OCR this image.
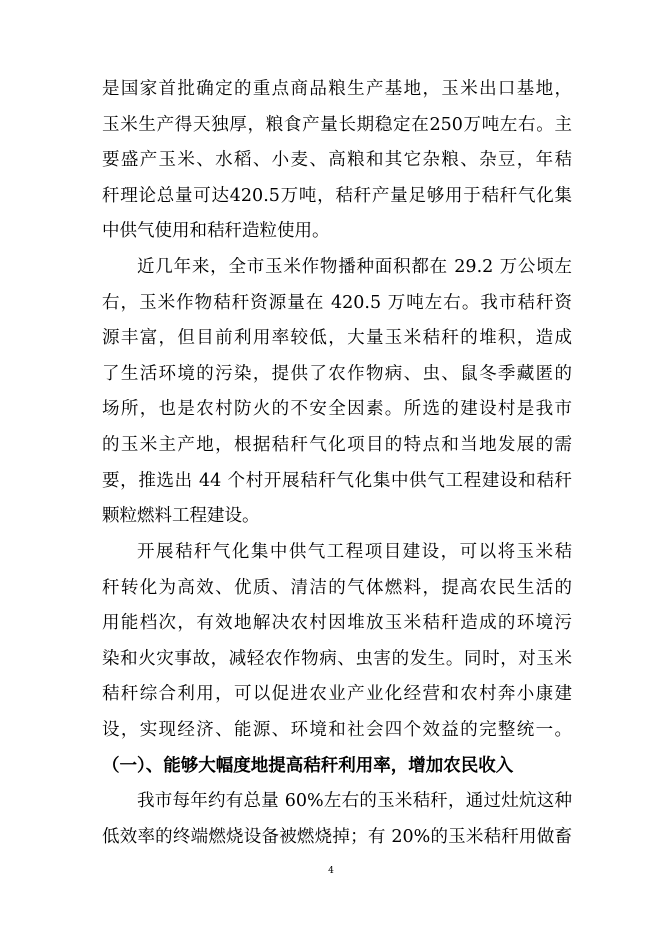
是国家首批确定的重点商品粮生产基地，玉米出口基地，
玉米生产得天独厚，粮食产量长期稳定在250万吨左右。主
要盛产玉米、水稻、小麦、高粮和其它杂粮、杂豆，年秸
秆理论总量可达420.5万吨，秸秆产量足够用于秸秆气化集
中供气使用和秸秆造粒使用。
近几年来，全市玉米作物播种面积都在 29.2 万公顷左
右，玉米作物秸秆资源量在 420.5 万吨左右。我市秸秆资
源丰富，但目前利用率较低，大量玉米秸秆的堆积，造成
了生活环境的污染，提供了农作物病、虫、鼠冬季藏匿的
场所，也是农村防火的不安全因素。所选的建设村是我市
的玉米主产地，根据秸秆气化项目的特点和当地发展的需
要，推选出 44 个村开展秸秆气化集中供气工程建设和秸秆
颗粒燃料工程建设。
开展秸秆气化集中供气工程项目建设，可以将玉米秸
秆转化为高效、优质、清洁的气体燃料，提高农民生活的
用能档次，有效地解决农村因堆放玉米秸秆造成的环境污
染和火灾事故，减轻农作物病、虫害的发生。同时，对玉米
秸秆综合利用，可以促进农业产业化经营和农村奔小康建
设，实现经济、能源、环境和社会四个效益的完整统一。
（一）、能够大幅度地提高秸秆利用率，增加农民收入
我市每年约有总量 60%左右的玉米秸秆，通过灶炕这种
低效率的终端燃烧设备被燃烧掉；有 20%的玉米秸秆用做畜
4
